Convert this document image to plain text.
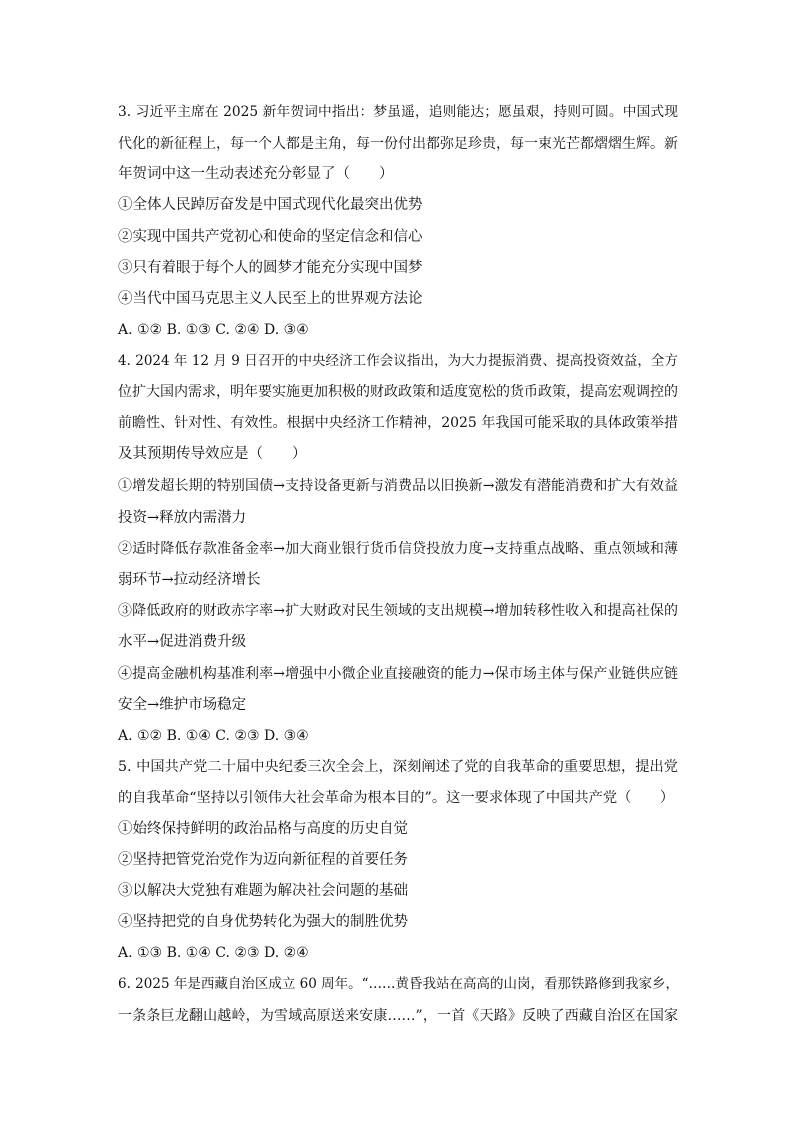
3. 习近平主席在 2025 新年贺词中指出：梦虽遥，追则能达；愿虽艰，持则可圆。中国式现
代化的新征程上，每一个人都是主角，每一份付出都弥足珍贵，每一束光芒都熠熠生辉。新
年贺词中这一生动表述充分彰显了（　　）
①全体人民踔厉奋发是中国式现代化最突出优势
②实现中国共产党初心和使命的坚定信念和信心
③只有着眼于每个人的圆梦才能充分实现中国梦
④当代中国马克思主义人民至上的世界观方法论
A. ①② B. ①③ C. ②④ D. ③④
4. 2024 年 12 月 9 日召开的中央经济工作会议指出，为大力提振消费、提高投资效益，全方
位扩大国内需求，明年要实施更加积极的财政政策和适度宽松的货币政策，提高宏观调控的
前瞻性、针对性、有效性。根据中央经济工作精神，2025 年我国可能采取的具体政策举措
及其预期传导效应是（　　）
①增发超长期的特别国债→支持设备更新与消费品以旧换新→激发有潜能消费和扩大有效益
投资→释放内需潜力
②适时降低存款准备金率→加大商业银行货币信贷投放力度→支持重点战略、重点领域和薄
弱环节→拉动经济增长
③降低政府的财政赤字率→扩大财政对民生领域的支出规模→增加转移性收入和提高社保的
水平→促进消费升级
④提高金融机构基准利率→增强中小微企业直接融资的能力→保市场主体与保产业链供应链
安全→维护市场稳定
A. ①② B. ①④ C. ②③ D. ③④
5. 中国共产党二十届中央纪委三次全会上，深刻阐述了党的自我革命的重要思想，提出党
的自我革命“坚持以引领伟大社会革命为根本目的”。这一要求体现了中国共产党（　　）
①始终保持鲜明的政治品格与高度的历史自觉
②坚持把管党治党作为迈向新征程的首要任务
③以解决大党独有难题为解决社会问题的基础
④坚持把党的自身优势转化为强大的制胜优势
A. ①③ B. ①④ C. ②③ D. ②④
6. 2025 年是西藏自治区成立 60 周年。“……黄昏我站在高高的山岗，看那铁路修到我家乡，
一条条巨龙翻山越岭，为雪域高原送来安康……”，一首《天路》反映了西藏自治区在国家
